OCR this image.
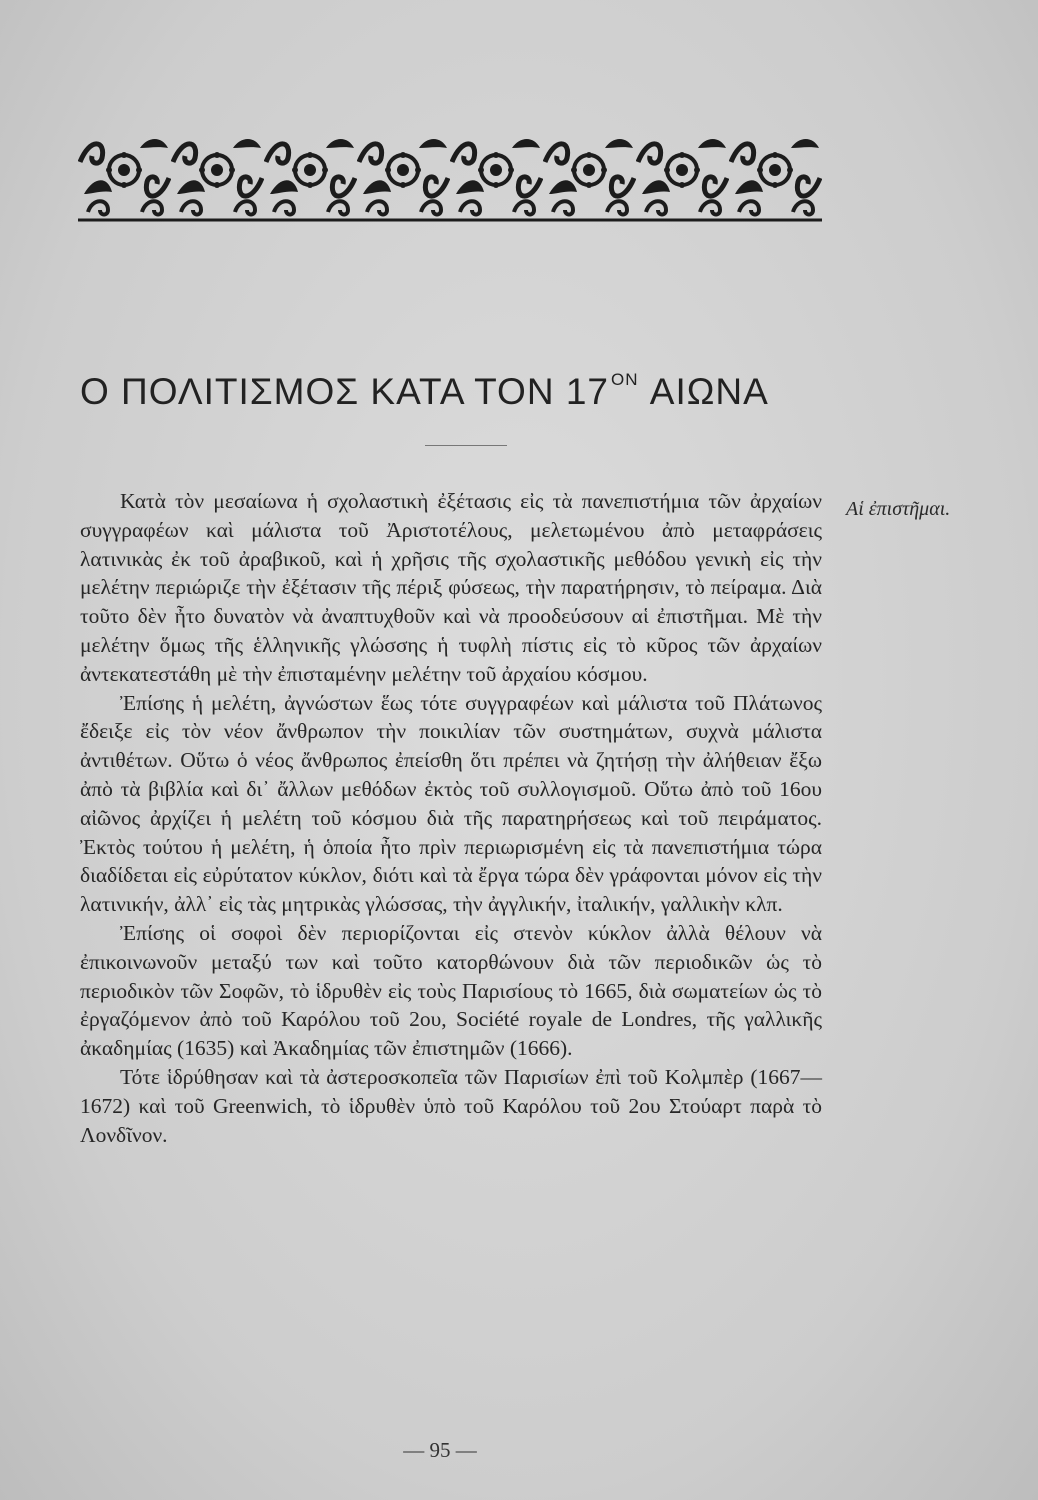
Ο ΠΟΛΙΤΙΣΜΟΣ ΚΑΤΑ ΤΟΝ 17 $^{ON}$ ΑΙΩΝΑ
Αἱ ἐπιστῆμαι.

Κατὰ τὸν μεσαίωνα ἡ σχολαστικὴ ἐξέτασις εἰς τὰ πανεπιστήμια τῶν ἀρχαίων συγγραφέων καὶ μάλιστα τοῦ Ἀριστοτέλους, μελετωμένου ἀπὸ μεταφράσεις λατινικὰς ἐκ τοῦ ἀραβικοῦ, καὶ ἡ χρῆσις τῆς σχολαστικῆς μεθόδου γενικὴ εἰς τὴν μελέτην περιώριζε τὴν ἐξέτασιν τῆς πέριξ φύσεως, τὴν παρατήρησιν, τὸ πείραμα. Διὰ τοῦτο δὲν ἦτο δυνατὸν νὰ ἀναπτυχθοῦν καὶ νὰ προοδεύσουν αἱ ἐπιστῆμαι. Μὲ τὴν μελέτην ὅμως τῆς ἑλληνικῆς γλώσσης ἡ τυφλὴ πίστις εἰς τὸ κῦρος τῶν ἀρχαίων ἀντεκατεστάθη μὲ τὴν ἐπισταμένην μελέτην τοῦ ἀρχαίου κόσμου.

Ἐπίσης ἡ μελέτη, ἀγνώστων ἕως τότε συγγραφέων καὶ μάλιστα τοῦ Πλάτωνος ἔδειξε εἰς τὸν νέον ἄνθρωπον τὴν ποικιλίαν τῶν συστημάτων, συχνὰ μάλιστα ἀντιθέτων. Οὕτω ὁ νέος ἄνθρωπος ἐπείσθη ὅτι πρέπει νὰ ζητήσῃ τὴν ἀλήθειαν ἔξω ἀπὸ τὰ βιβλία καὶ δι᾽ ἄλλων μεθόδων ἐκτὸς τοῦ συλλογισμοῦ. Οὕτω ἀπὸ τοῦ 16ου αἰῶνος ἀρχίζει ἡ μελέτη τοῦ κόσμου διὰ τῆς παρατηρήσεως καὶ τοῦ πειράματος. Ἐκτὸς τούτου ἡ μελέτη, ἡ ὁποία ἦτο πρὶν περιωρισμένη εἰς τὰ πανεπιστήμια τώρα διαδίδεται εἰς εὐρύτατον κύκλον, διότι καὶ τὰ ἔργα τώρα δὲν γράφονται μόνον εἰς τὴν λατινικήν, ἀλλ᾽ εἰς τὰς μητρικὰς γλώσσας, τὴν ἀγγλικήν, ἰταλικήν, γαλλικὴν κλπ.

Ἐπίσης οἱ σοφοὶ δὲν περιορίζονται εἰς στενὸν κύκλον ἀλλὰ θέλουν νὰ ἐπικοινωνοῦν μεταξύ των καὶ τοῦτο κατορθώνουν διὰ τῶν περιοδικῶν ὡς τὸ περιοδικὸν τῶν Σοφῶν, τὸ ἱδρυθὲν εἰς τοὺς Παρισίους τὸ 1665, διὰ σωματείων ὡς τὸ ἐργαζόμενον ἀπὸ τοῦ Καρόλου τοῦ 2ου, Société royale de Londres, τῆς γαλλικῆς ἀκαδημίας (1635) καὶ Ἀκαδημίας τῶν ἐπιστημῶν (1666).

Τότε ἱδρύθησαν καὶ τὰ ἀστεροσκοπεῖα τῶν Παρισίων ἐπὶ τοῦ Κολμπὲρ (1667—1672) καὶ τοῦ Greenwich, τὸ ἱδρυθὲν ὑπὸ τοῦ Καρόλου τοῦ 2ου Στούαρτ παρὰ τὸ Λονδῖνον.

— 95 —
